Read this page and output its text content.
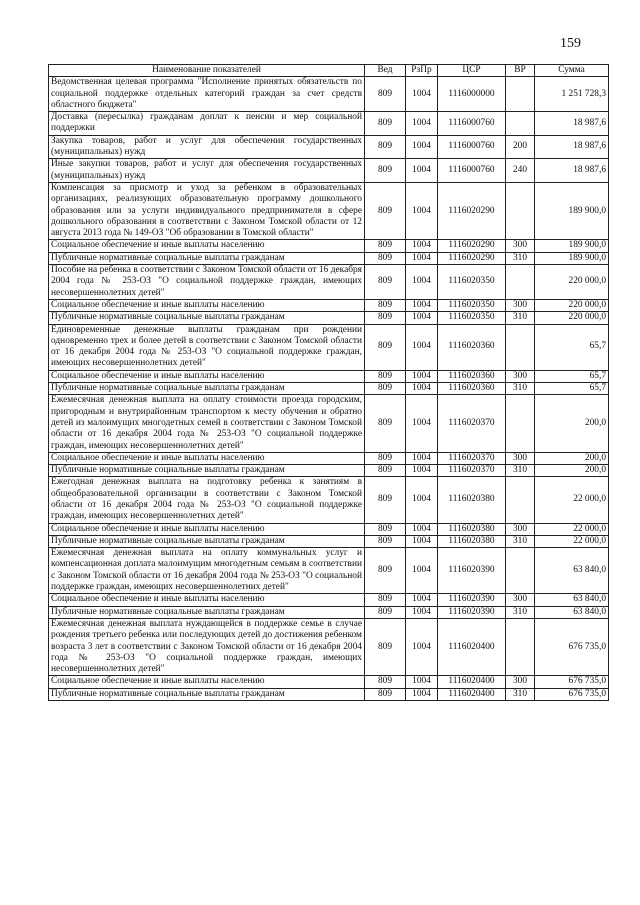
159
Наименование показателей	Вед	РзПр	ЦСР	ВР	Сумма
Ведомственная целевая программа "Исполнение принятых обязательств по социальной поддержке отдельных категорий граждан за счет средств областного бюджета"	809	1004	1116000000		1 251 728,3
Доставка (пересылка) гражданам доплат к пенсии и мер социальной поддержки	809	1004	1116000760		18 987,6
Закупка товаров, работ и услуг для обеспечения государственных (муниципальных) нужд	809	1004	1116000760	200	18 987,6
Иные закупки товаров, работ и услуг для обеспечения государственных (муниципальных) нужд	809	1004	1116000760	240	18 987,6
Компенсация за присмотр и уход за ребенком в образовательных организациях, реализующих образовательную программу дошкольного образования или за услуги индивидуального предпринимателя в сфере дошкольного образования в соответствии с Законом Томской области от 12 августа 2013 года № 149-ОЗ "Об образовании в Томской области"	809	1004	1116020290		189 900,0
Социальное обеспечение и иные выплаты населению	809	1004	1116020290	300	189 900,0
Публичные нормативные социальные выплаты гражданам	809	1004	1116020290	310	189 900,0
Пособие на ребенка в соответствии с Законом Томской области от 16 декабря 2004 года № 253-ОЗ "О социальной поддержке граждан, имеющих несовершеннолетних детей"	809	1004	1116020350		220 000,0
Социальное обеспечение и иные выплаты населению	809	1004	1116020350	300	220 000,0
Публичные нормативные социальные выплаты гражданам	809	1004	1116020350	310	220 000,0
Единовременные денежные выплаты гражданам при рождении одновременно трех и более детей в соответствии с Законом Томской области от 16 декабря 2004 года № 253-ОЗ "О социальной поддержке граждан, имеющих несовершеннолетних детей"	809	1004	1116020360		65,7
Социальное обеспечение и иные выплаты населению	809	1004	1116020360	300	65,7
Публичные нормативные социальные выплаты гражданам	809	1004	1116020360	310	65,7
Ежемесячная денежная выплата на оплату стоимости проезда городским, пригородным и внутрирайонным транспортом к месту обучения и обратно детей из малоимущих многодетных семей в соответствии с Законом Томской области от 16 декабря 2004 года № 253-ОЗ "О социальной поддержке граждан, имеющих несовершеннолетних детей"	809	1004	1116020370		200,0
Социальное обеспечение и иные выплаты населению	809	1004	1116020370	300	200,0
Публичные нормативные социальные выплаты гражданам	809	1004	1116020370	310	200,0
Ежегодная денежная выплата на подготовку ребенка к занятиям в общеобразовательной организации в соответствии с Законом Томской области от 16 декабря 2004 года № 253-ОЗ "О социальной поддержке граждан, имеющих несовершеннолетних детей"	809	1004	1116020380		22 000,0
Социальное обеспечение и иные выплаты населению	809	1004	1116020380	300	22 000,0
Публичные нормативные социальные выплаты гражданам	809	1004	1116020380	310	22 000,0
Ежемесячная денежная выплата на оплату коммунальных услуг и компенсационная доплата малоимущим многодетным семьям в соответствии с Законом Томской области от 16 декабря 2004 года № 253-ОЗ "О социальной поддержке граждан, имеющих несовершеннолетних детей"	809	1004	1116020390		63 840,0
Социальное обеспечение и иные выплаты населению	809	1004	1116020390	300	63 840,0
Публичные нормативные социальные выплаты гражданам	809	1004	1116020390	310	63 840,0
Ежемесячная денежная выплата нуждающейся в поддержке семье в случае рождения третьего ребенка или последующих детей до достижения ребенком возраста 3 лет в соответствии с Законом Томской области от 16 декабря 2004 года № 253-ОЗ "О социальной поддержке граждан, имеющих несовершеннолетних детей"	809	1004	1116020400		676 735,0
Социальное обеспечение и иные выплаты населению	809	1004	1116020400	300	676 735,0
Публичные нормативные социальные выплаты гражданам	809	1004	1116020400	310	676 735,0
